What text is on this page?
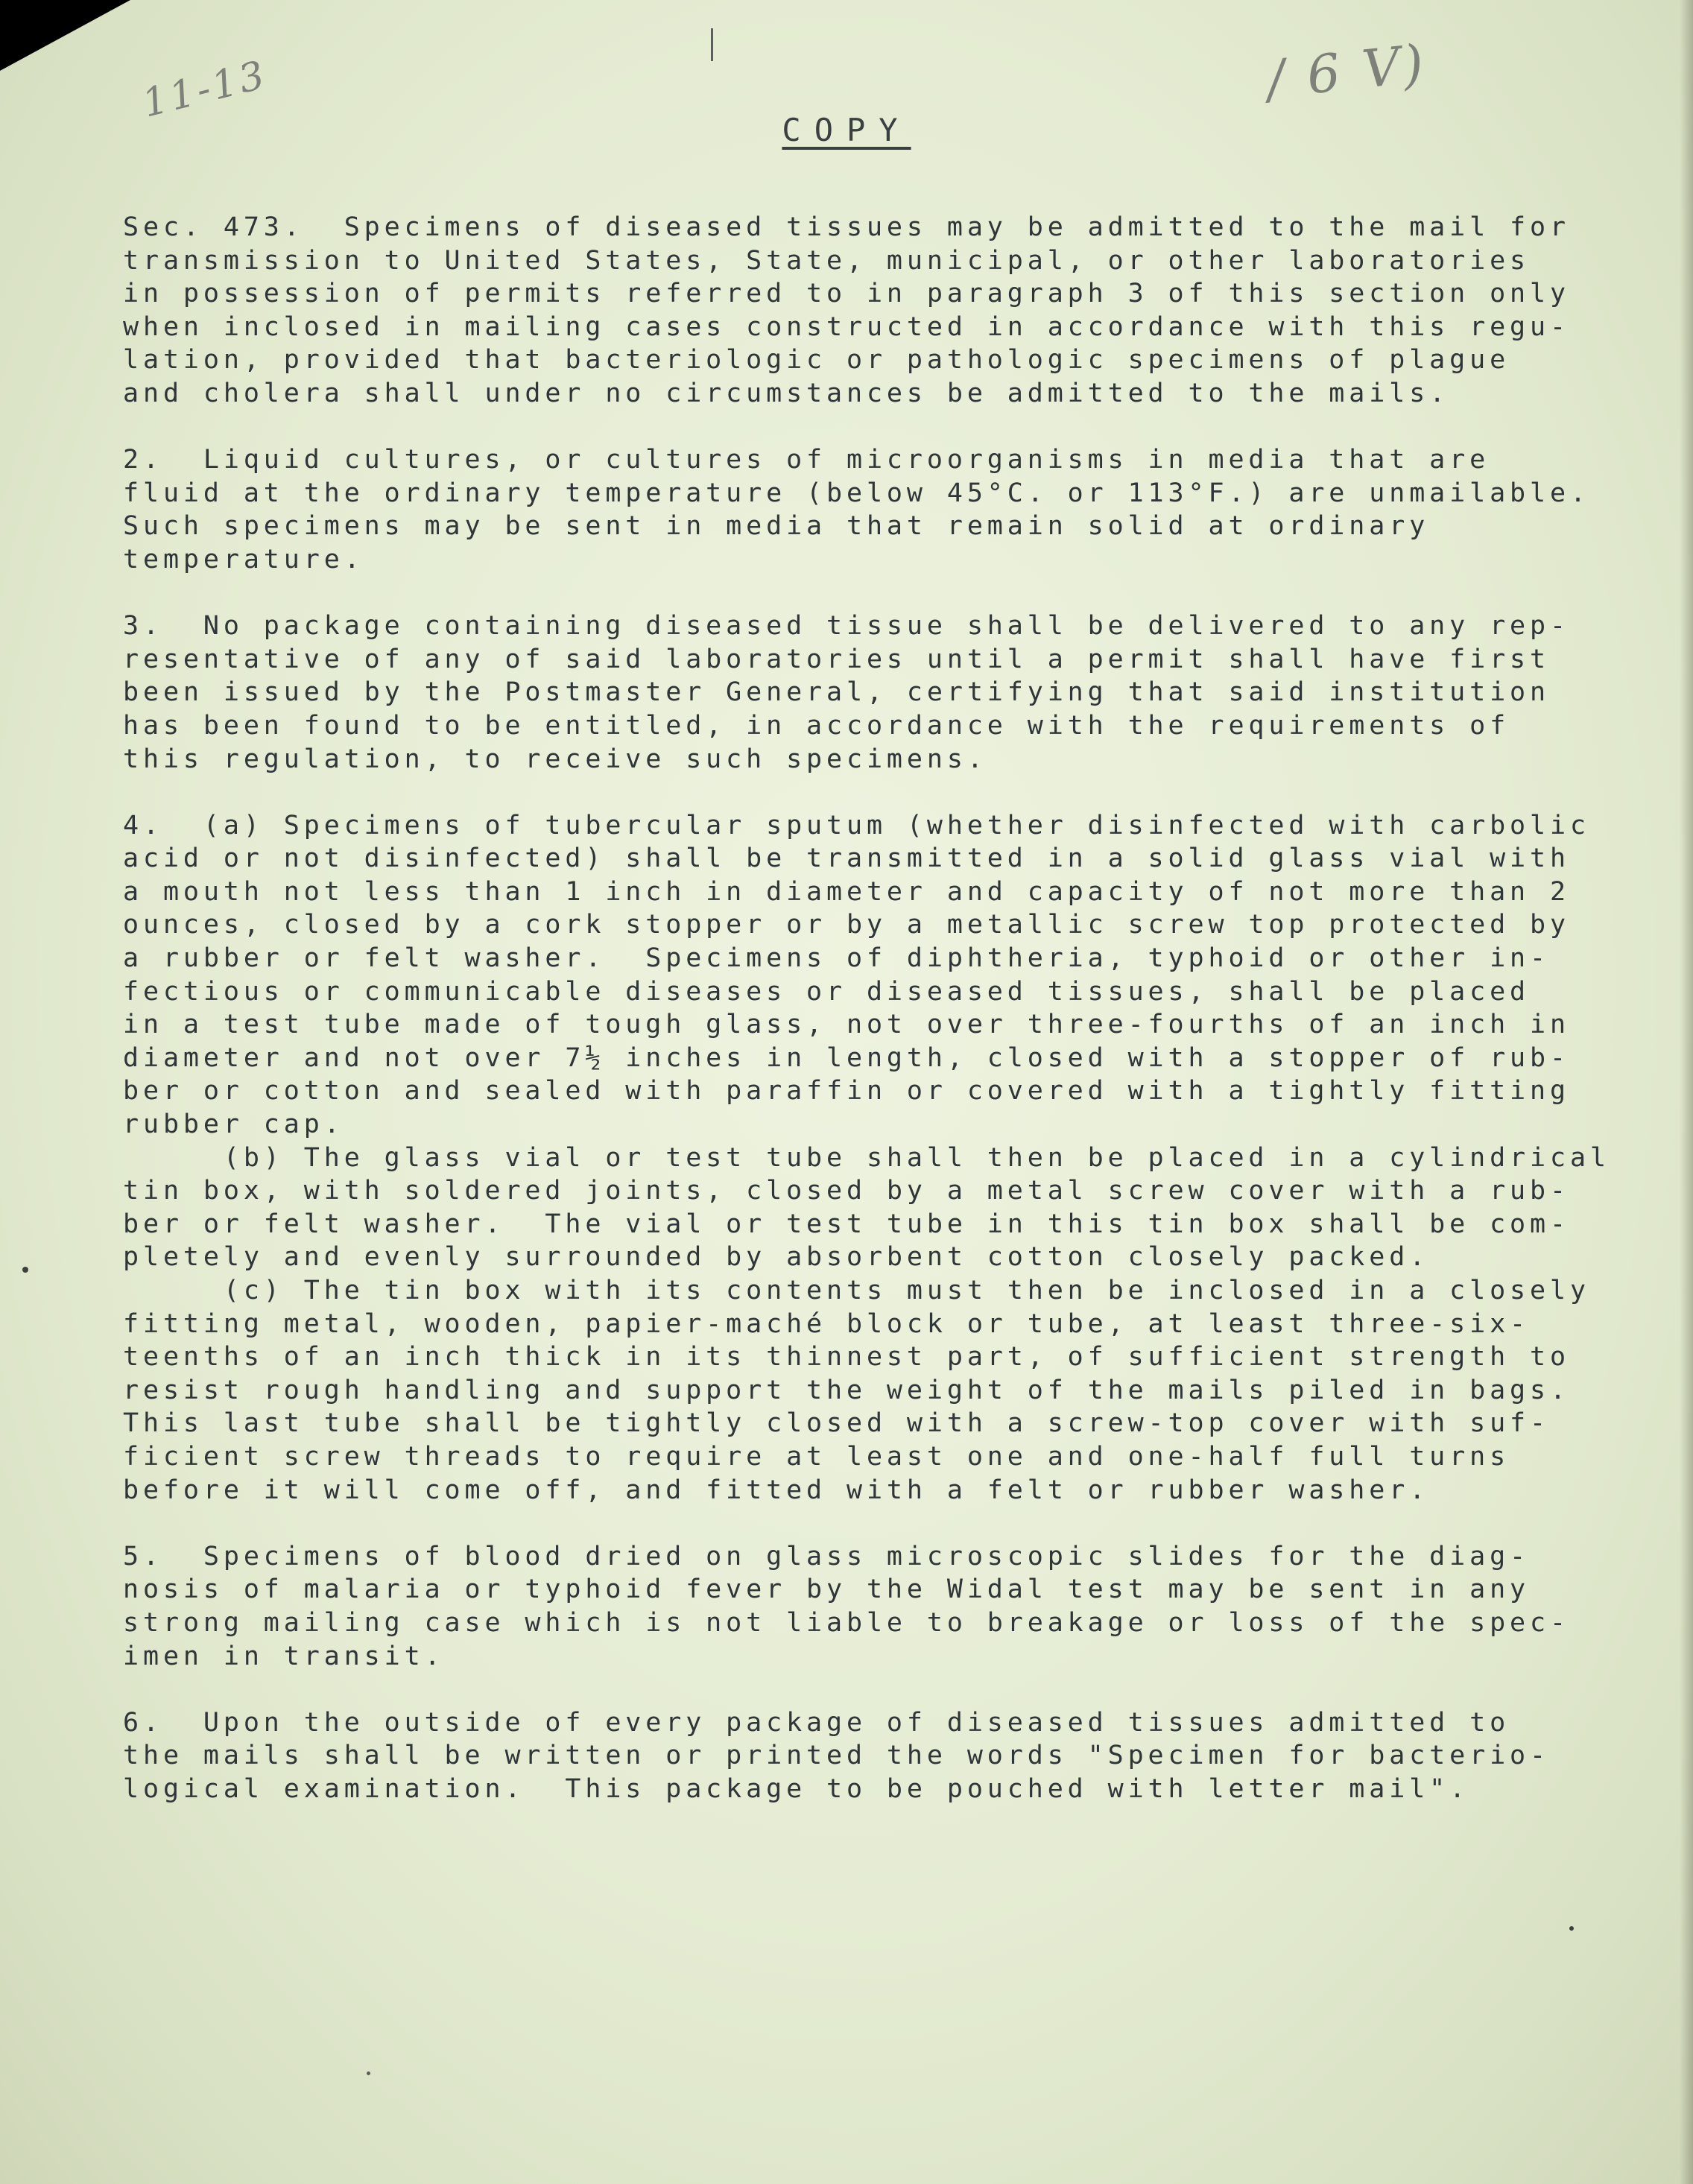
11-13	/ 6 V)
COPY
Sec. 473.  Specimens of diseased tissues may be admitted to the mail for
transmission to United States, State, municipal, or other laboratories
in possession of permits referred to in paragraph 3 of this section only
when inclosed in mailing cases constructed in accordance with this regu-
lation, provided that bacteriologic or pathologic specimens of plague
and cholera shall under no circumstances be admitted to the mails.
2.  Liquid cultures, or cultures of microorganisms in media that are
fluid at the ordinary temperature (below 45°C. or 113°F.) are unmailable.
Such specimens may be sent in media that remain solid at ordinary
temperature.
3.  No package containing diseased tissue shall be delivered to any rep-
resentative of any of said laboratories until a permit shall have first
been issued by the Postmaster General, certifying that said institution
has been found to be entitled, in accordance with the requirements of
this regulation, to receive such specimens.
4.  (a) Specimens of tubercular sputum (whether disinfected with carbolic
acid or not disinfected) shall be transmitted in a solid glass vial with
a mouth not less than 1 inch in diameter and capacity of not more than 2
ounces, closed by a cork stopper or by a metallic screw top protected by
a rubber or felt washer.  Specimens of diphtheria, typhoid or other in-
fectious or communicable diseases or diseased tissues, shall be placed
in a test tube made of tough glass, not over three-fourths of an inch in
diameter and not over 7½ inches in length, closed with a stopper of rub-
ber or cotton and sealed with paraffin or covered with a tightly fitting
rubber cap.
(b) The glass vial or test tube shall then be placed in a cylindrical
tin box, with soldered joints, closed by a metal screw cover with a rub-
ber or felt washer.  The vial or test tube in this tin box shall be com-
pletely and evenly surrounded by absorbent cotton closely packed.
(c) The tin box with its contents must then be inclosed in a closely
fitting metal, wooden, papier-maché block or tube, at least three-six-
teenths of an inch thick in its thinnest part, of sufficient strength to
resist rough handling and support the weight of the mails piled in bags.
This last tube shall be tightly closed with a screw-top cover with suf-
ficient screw threads to require at least one and one-half full turns
before it will come off, and fitted with a felt or rubber washer.
5.  Specimens of blood dried on glass microscopic slides for the diag-
nosis of malaria or typhoid fever by the Widal test may be sent in any
strong mailing case which is not liable to breakage or loss of the spec-
imen in transit.
6.  Upon the outside of every package of diseased tissues admitted to
the mails shall be written or printed the words "Specimen for bacterio-
logical examination.  This package to be pouched with letter mail".
